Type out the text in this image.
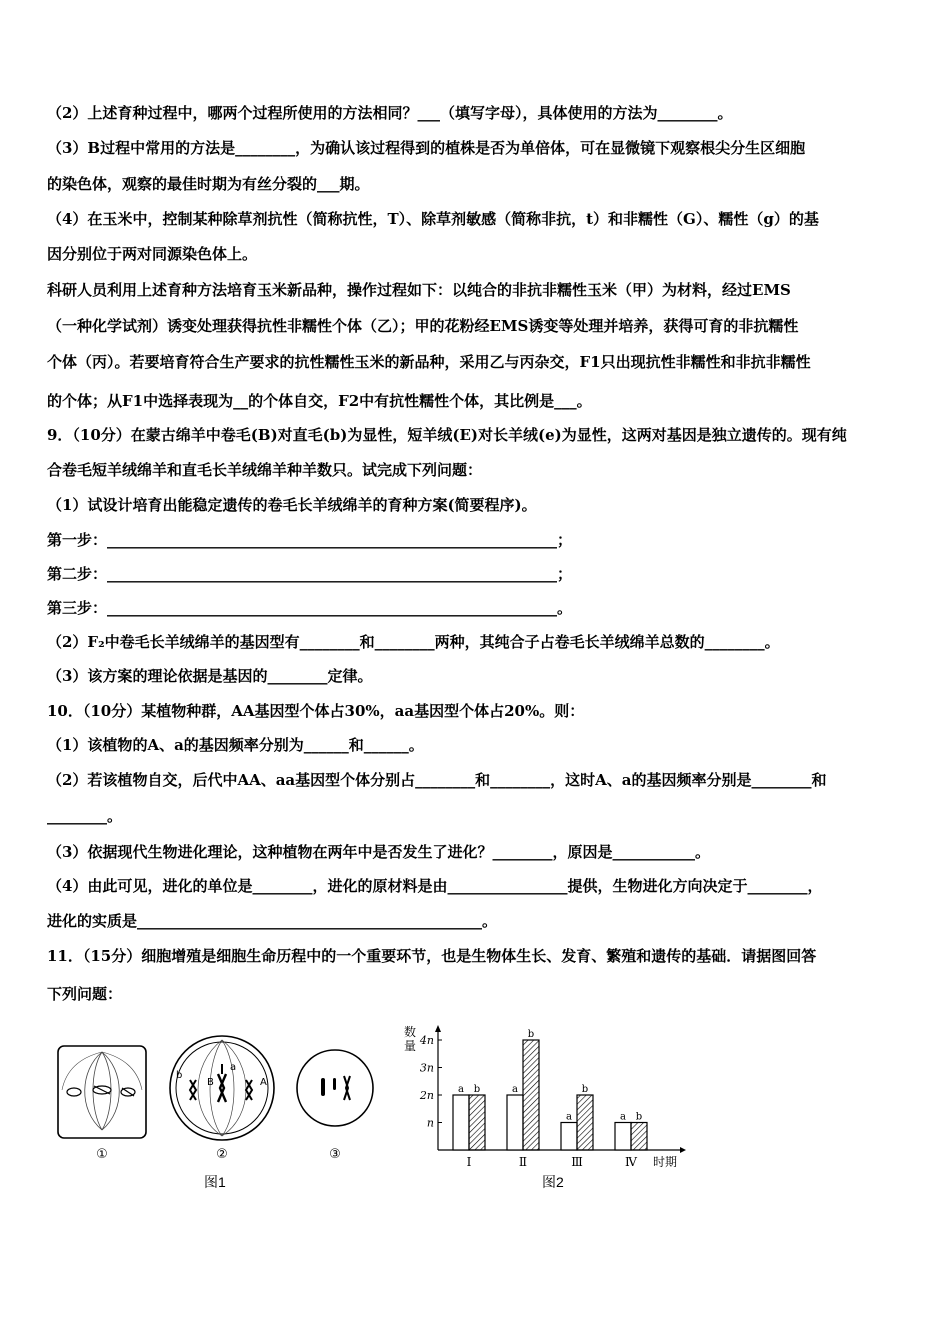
（2）上述育种过程中，哪两个过程所使用的方法相同？___（填写字母），具体使用的方法为________。
（3）B过程中常用的方法是________，为确认该过程得到的植株是否为单倍体，可在显微镜下观察根尖分生区细胞
的染色体，观察的最佳时期为有丝分裂的___期。
（4）在玉米中，控制某种除草剂抗性（简称抗性，T）、除草剂敏感（简称非抗，t）和非糯性（G）、糯性（g）的基
因分别位于两对同源染色体上。
科研人员利用上述育种方法培育玉米新品种，操作过程如下：以纯合的非抗非糯性玉米（甲）为材料，经过EMS
（一种化学试剂）诱变处理获得抗性非糯性个体（乙）；甲的花粉经EMS诱变等处理并培养，获得可育的非抗糯性
个体（丙）。若要培育符合生产要求的抗性糯性玉米的新品种，采用乙与丙杂交，F1只出现抗性非糯性和非抗非糯性
的个体；从F1中选择表现为__的个体自交，F2中有抗性糯性个体，其比例是___。
9．（10分）在蒙古绵羊中卷毛(B)对直毛(b)为显性，短羊绒(E)对长羊绒(e)为显性，这两对基因是独立遗传的。现有纯
合卷毛短羊绒绵羊和直毛长羊绒绵羊种羊数只。试完成下列问题：
（1）试设计培育出能稳定遗传的卷毛长羊绒绵羊的育种方案(简要程序)。
第一步：____________________________________________________________；
第二步：____________________________________________________________；
第三步：____________________________________________________________。
（2）F₂中卷毛长羊绒绵羊的基因型有________和________两种，其纯合子占卷毛长羊绒绵羊总数的________。
（3）该方案的理论依据是基因的________定律。
10．（10分）某植物种群，AA基因型个体占30%，aa基因型个体占20%。则：
（1）该植物的A、a的基因频率分别为______和______。
（2）若该植物自交，后代中AA、aa基因型个体分别占________和________，这时A、a的基因频率分别是________和
________。
（3）依据现代生物进化理论，这种植物在两年中是否发生了进化？________，原因是___________。
（4）由此可见，进化的单位是________，进化的原材料是由________________提供，生物进化方向决定于________，
进化的实质是______________________________________________。
11．（15分）细胞增殖是细胞生命历程中的一个重要环节，也是生物体生长、发育、繁殖和遗传的基础．请据图回答
下列问题：
①
b
B
a
A
②	③
图1
n
2n
3n
4n
数
量
a b
Ⅰ
a
b
Ⅱ
a
b
Ⅲ
a b
Ⅳ 时期
图2
